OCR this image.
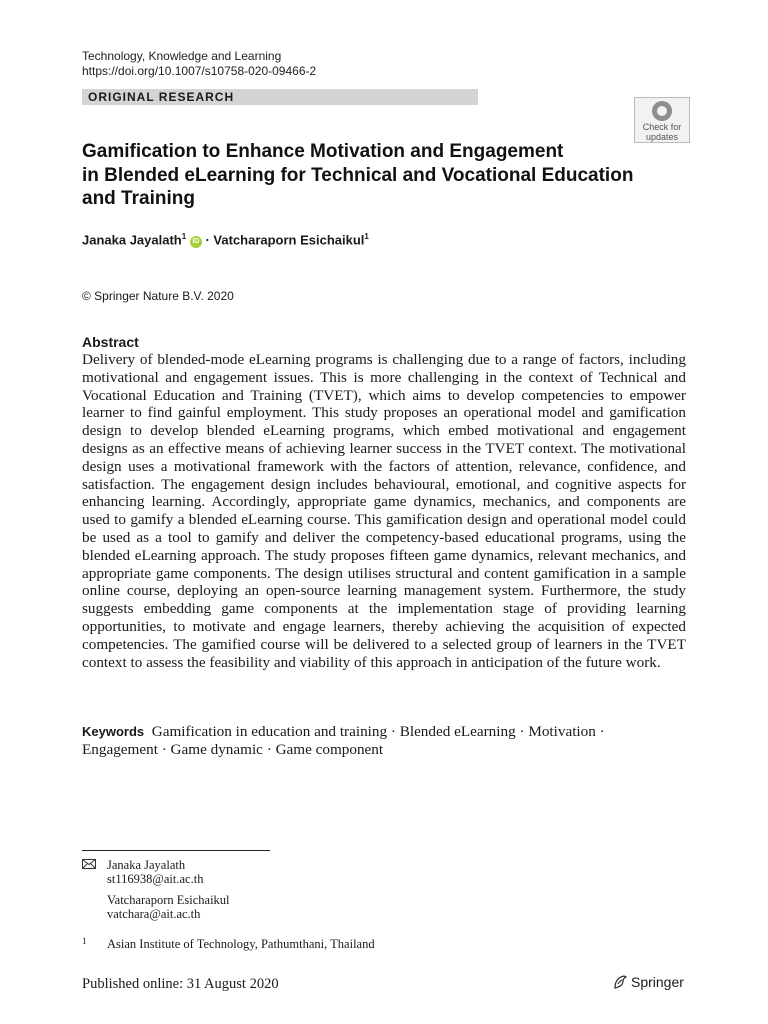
Technology, Knowledge and Learning
https://doi.org/10.1007/s10758-020-09466-2
ORIGINAL RESEARCH
Check for
updates
Gamification to Enhance Motivation and Engagement
in Blended eLearning for Technical and Vocational Education
and Training
Janaka Jayalath$^1$ iD · Vatcharaporn Esichaikul$^1$
© Springer Nature B.V. 2020
Abstract
Delivery of blended-mode eLearning programs is challenging due to a range of factors, including motivational and engagement issues. This is more challenging in the context of Technical and Vocational Education and Training (TVET), which aims to develop competencies to empower learner to find gainful employment. This study proposes an operational model and gamification design to develop blended eLearning programs, which embed motivational and engagement designs as an effective means of achieving learner success in the TVET context. The motivational design uses a motivational framework with the factors of attention, relevance, confidence, and satisfaction. The engagement design includes behavioural, emotional, and cognitive aspects for enhancing learning. Accordingly, appropriate game dynamics, mechanics, and components are used to gamify a blended eLearning course. This gamification design and operational model could be used as a tool to gamify and deliver the competency-based educational programs, using the blended eLearning approach. The study proposes fifteen game dynamics, relevant mechanics, and appropriate game components. The design utilises structural and content gamification in a sample online course, deploying an open-source learning management system. Furthermore, the study suggests embedding game components at the implementation stage of providing learning opportunities, to motivate and engage learners, thereby achieving the acquisition of expected competencies. The gamified course will be delivered to a selected group of learners in the TVET context to assess the feasibility and viability of this approach in anticipation of the future work.
Keywords Gamification in education and training · Blended eLearning · Motivation ·
Engagement · Game dynamic · Game component
Janaka Jayalath
st116938@ait.ac.th
Vatcharaporn Esichaikul
vatchara@ait.ac.th
1 Asian Institute of Technology, Pathumthani, Thailand
Published online: 31 August 2020	Springer
